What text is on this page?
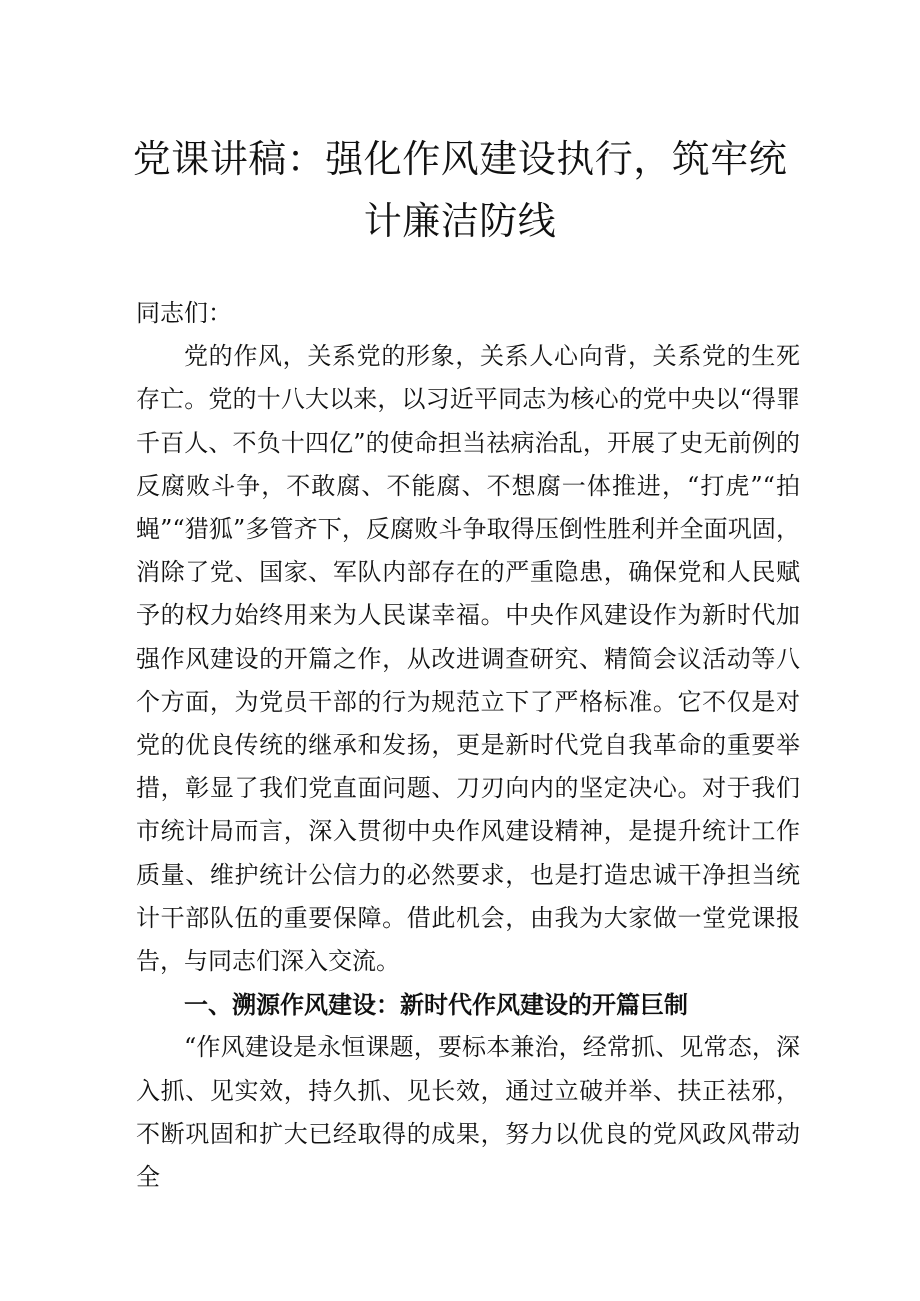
党课讲稿：强化作风建设执行，筑牢统计廉洁防线

同志们：

党的作风，关系党的形象，关系人心向背，关系党的生死存亡。党的十八大以来，以习近平同志为核心的党中央以“得罪千百人、不负十四亿”的使命担当祛病治乱，开展了史无前例的反腐败斗争，不敢腐、不能腐、不想腐一体推进，“打虎”“拍蝇”“猎狐”多管齐下，反腐败斗争取得压倒性胜利并全面巩固，消除了党、国家、军队内部存在的严重隐患，确保党和人民赋予的权力始终用来为人民谋幸福。中央作风建设作为新时代加强作风建设的开篇之作，从改进调查研究、精简会议活动等八个方面，为党员干部的行为规范立下了严格标准。它不仅是对党的优良传统的继承和发扬，更是新时代党自我革命的重要举措，彰显了我们党直面问题、刀刃向内的坚定决心。对于我们市统计局而言，深入贯彻中央作风建设精神，是提升统计工作质量、维护统计公信力的必然要求，也是打造忠诚干净担当统计干部队伍的重要保障。借此机会，由我为大家做一堂党课报告，与同志们深入交流。

一、溯源作风建设：新时代作风建设的开篇巨制

“作风建设是永恒课题，要标本兼治，经常抓、见常态，深入抓、见实效，持久抓、见长效，通过立破并举、扶正祛邪，不断巩固和扩大已经取得的成果，努力以优良的党风政风带动全
